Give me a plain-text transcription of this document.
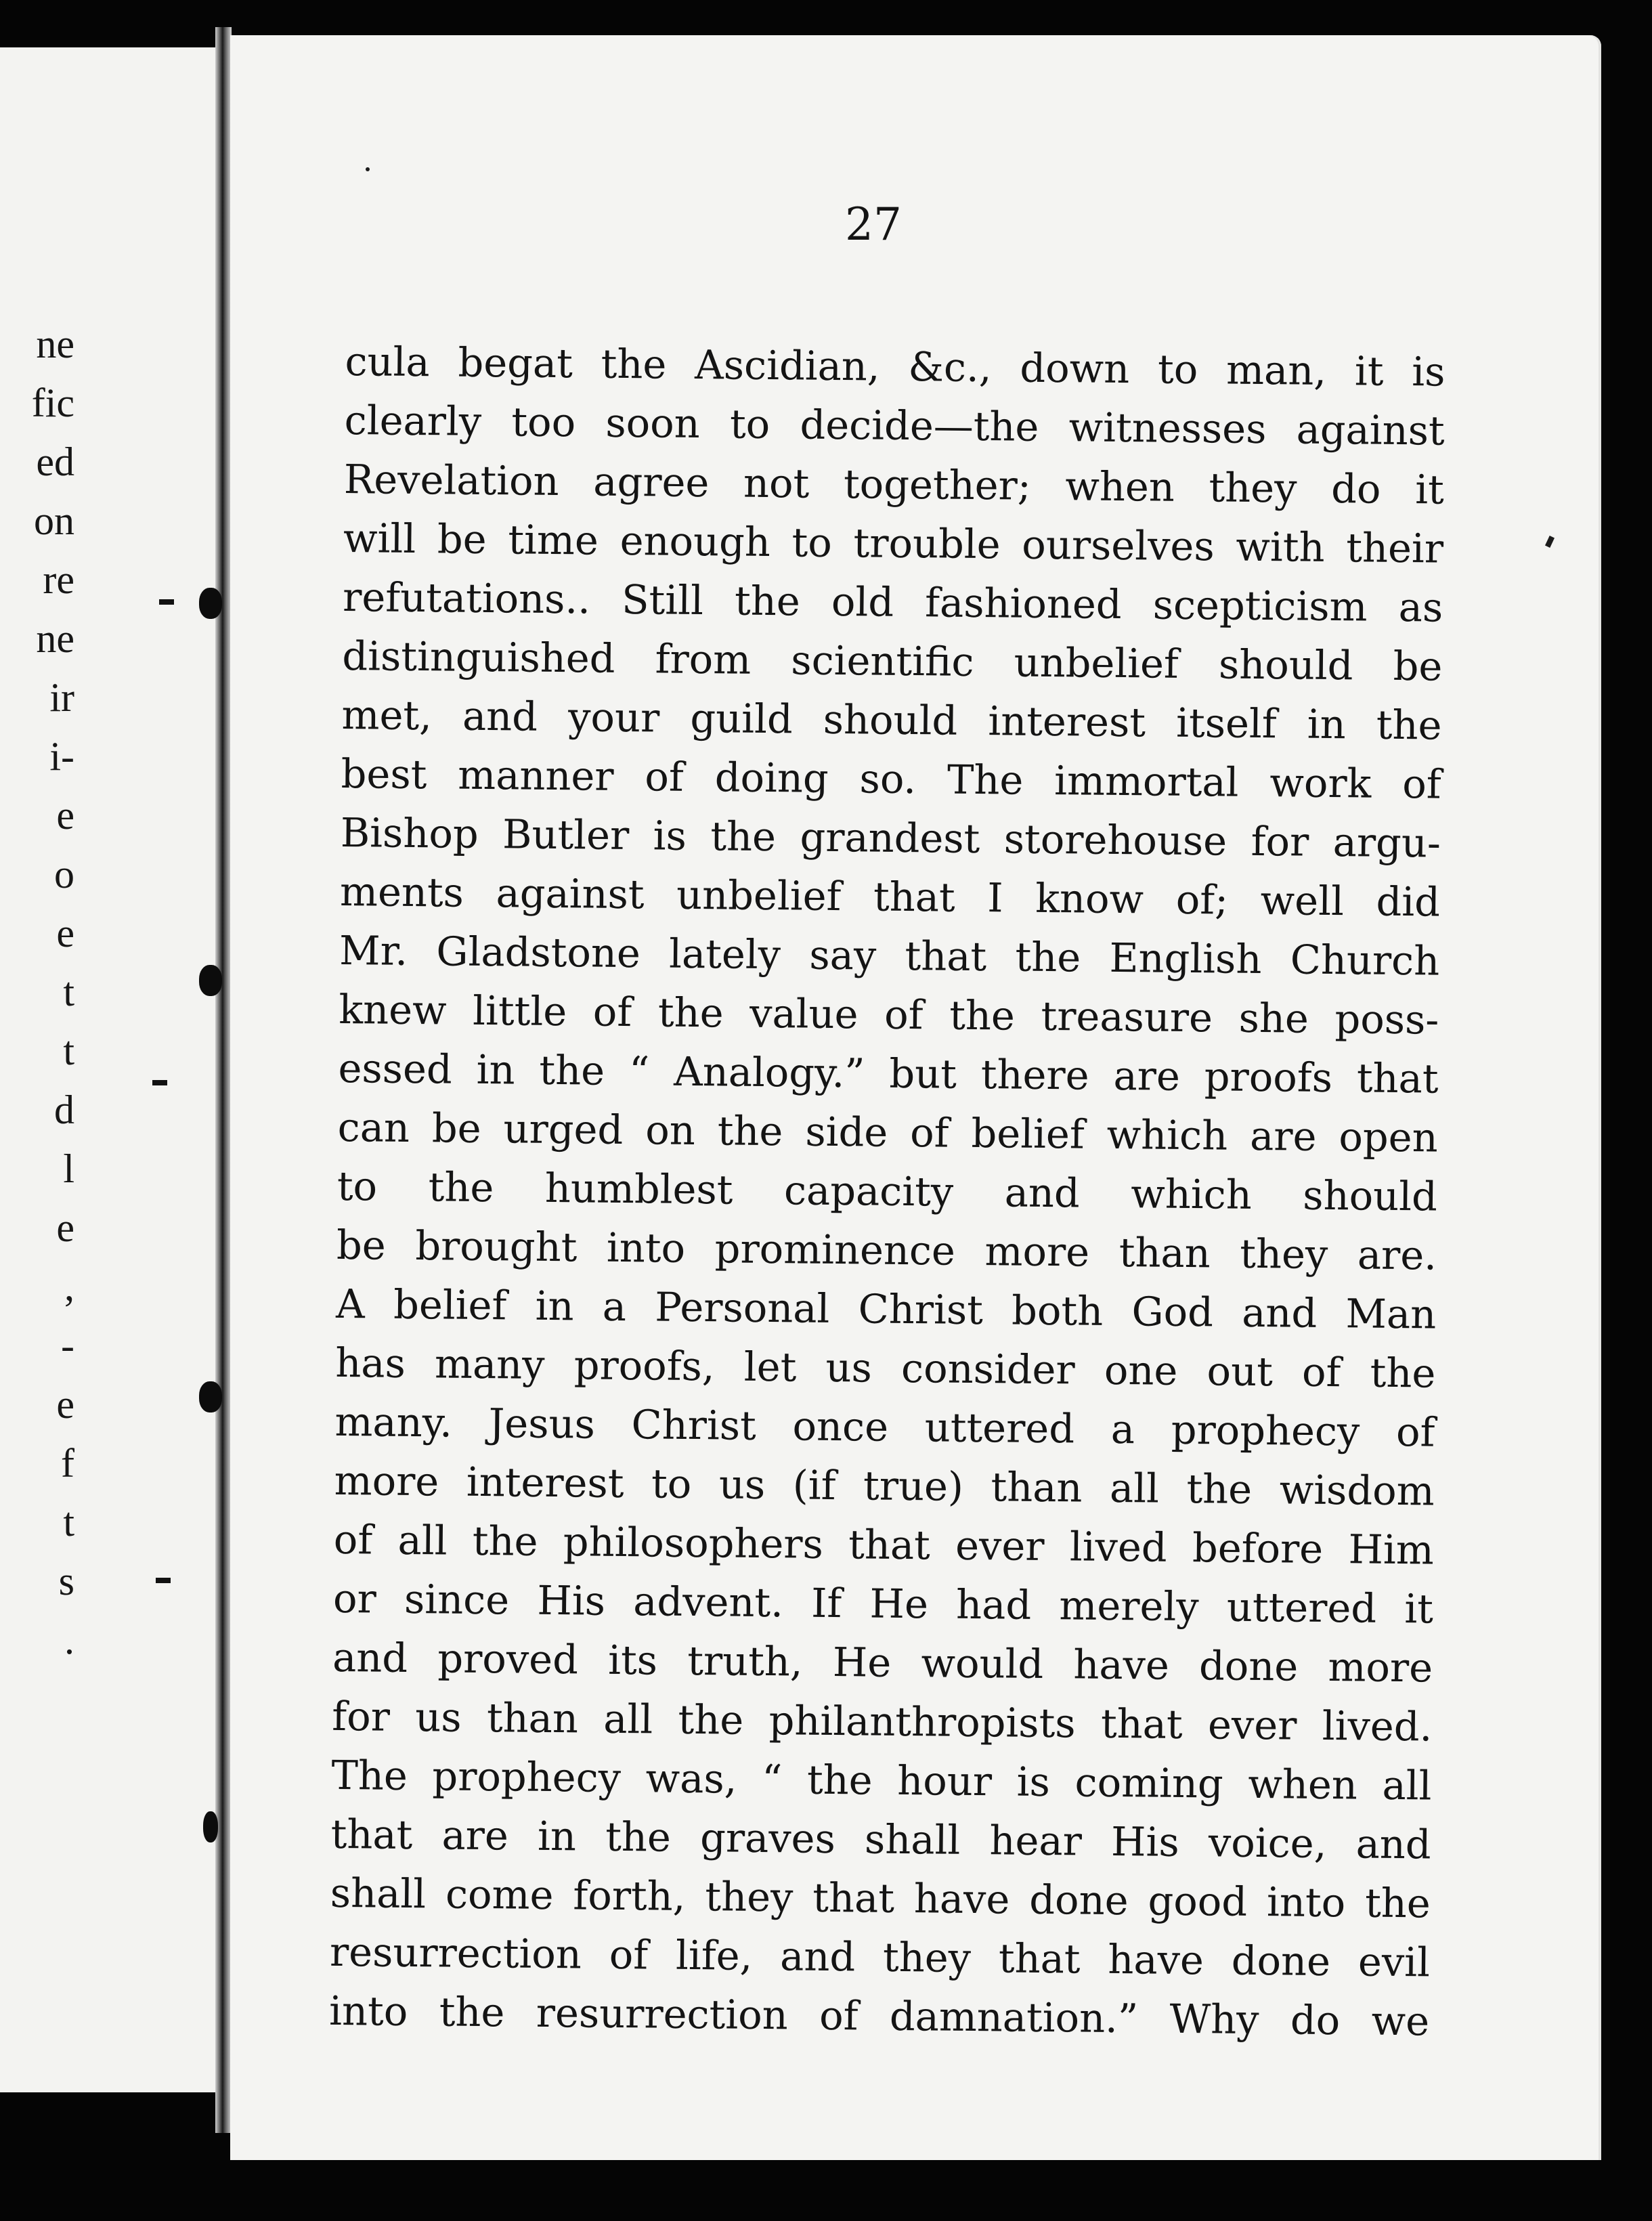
ne
fic
ed
on
re
ne
ir
i-
e
o
e
t
t
d
l
e
,
-
e
f
t
s
.

27

cula begat the Ascidian, &c., down to man, it is
clearly too soon to decide—the witnesses against
Revelation agree not together; when they do it
will be time enough to trouble ourselves with their
refutations.. Still the old fashioned scepticism as
distinguished from scientific unbelief should be
met, and your guild should interest itself in the
best manner of doing so. The immortal work of
Bishop Butler is the grandest storehouse for argu-
ments against unbelief that I know of; well did
Mr. Gladstone lately say that the English Church
knew little of the value of the treasure she poss-
essed in the “ Analogy.” but there are proofs that
can be urged on the side of belief which are open
to the humblest capacity and which should
be brought into prominence more than they are.
A belief in a Personal Christ both God and Man
has many proofs, let us consider one out of the
many. Jesus Christ once uttered a prophecy of
more interest to us (if true) than all the wisdom
of all the philosophers that ever lived before Him
or since His advent. If He had merely uttered it
and proved its truth, He would have done more
for us than all the philanthropists that ever lived.
The prophecy was, “ the hour is coming when all
that are in the graves shall hear His voice, and
shall come forth, they that have done good into the
resurrection of life, and they that have done evil
into the resurrection of damnation.” Why do we
